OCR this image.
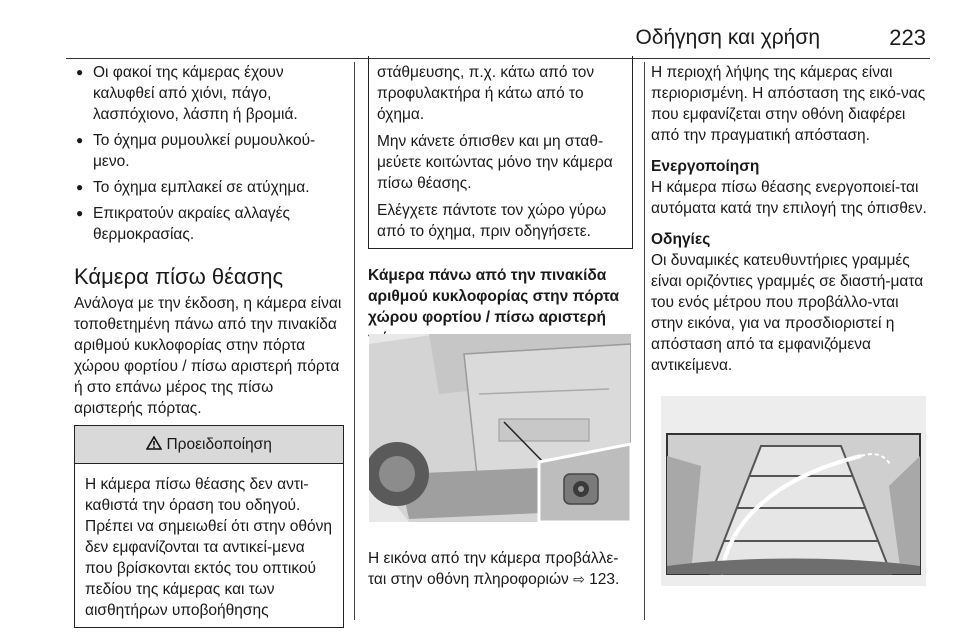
Οδήγηση και χρήση	223
● Οι φακοί της κάμερας έχουν καλυφθεί από χιόνι, πάγο, λασπόχιονο, λάσπη ή βρομιά.
● Το όχημα ρυμουλκεί ρυμουλκού-μενο.
● Το όχημα εμπλακεί σε ατύχημα.
● Επικρατούν ακραίες αλλαγές θερμοκρασίας.
Κάμερα πίσω θέασης

Ανάλογα με την έκδοση, η κάμερα είναι τοποθετημένη πάνω από την πινακίδα αριθμού κυκλοφορίας στην πόρτα χώρου φορτίου / πίσω αριστερή πόρτα ή στο επάνω μέρος της πίσω αριστερής πόρτας.

Προειδοποίηση
Η κάμερα πίσω θέασης δεν αντι-καθιστά την όραση του οδηγού. Πρέπει να σημειωθεί ότι στην οθόνη δεν εμφανίζονται τα αντικεί-μενα που βρίσκονται εκτός του οπτικού πεδίου της κάμερας και των αισθητήρων υποβοήθησης

στάθμευσης, π.χ. κάτω από τον προφυλακτήρα ή κάτω από το όχημα.

Μην κάνετε όπισθεν και μη σταθ-μεύετε κοιτώντας μόνο την κάμερα πίσω θέασης.

Ελέγχετε πάντοτε τον χώρο γύρω από το όχημα, πριν οδηγήσετε.

Κάμερα πάνω από την πινακίδα αριθμού κυκλοφορίας στην πόρτα χώρου φορτίου / πίσω αριστερή
Η εικόνα από την κάμερα προβάλλε-ται στην οθόνη πληροφοριών ⇨ 123.

Η περιοχή λήψης της κάμερας είναι περιορισμένη. Η απόσταση της εικό-νας που εμφανίζεται στην οθόνη διαφέρει από την πραγματική απόσταση.

Ενεργοποίηση

Η κάμερα πίσω θέασης ενεργοποιεί-ται αυτόματα κατά την επιλογή της όπισθεν.

Οδηγίες

Οι δυναμικές κατευθυντήριες γραμμές είναι οριζόντιες γραμμές σε διαστή-ματα του ενός μέτρου που προβάλλο-νται στην εικόνα, για να προσδιοριστεί η απόσταση από τα εμφανιζόμενα αντικείμενα.
